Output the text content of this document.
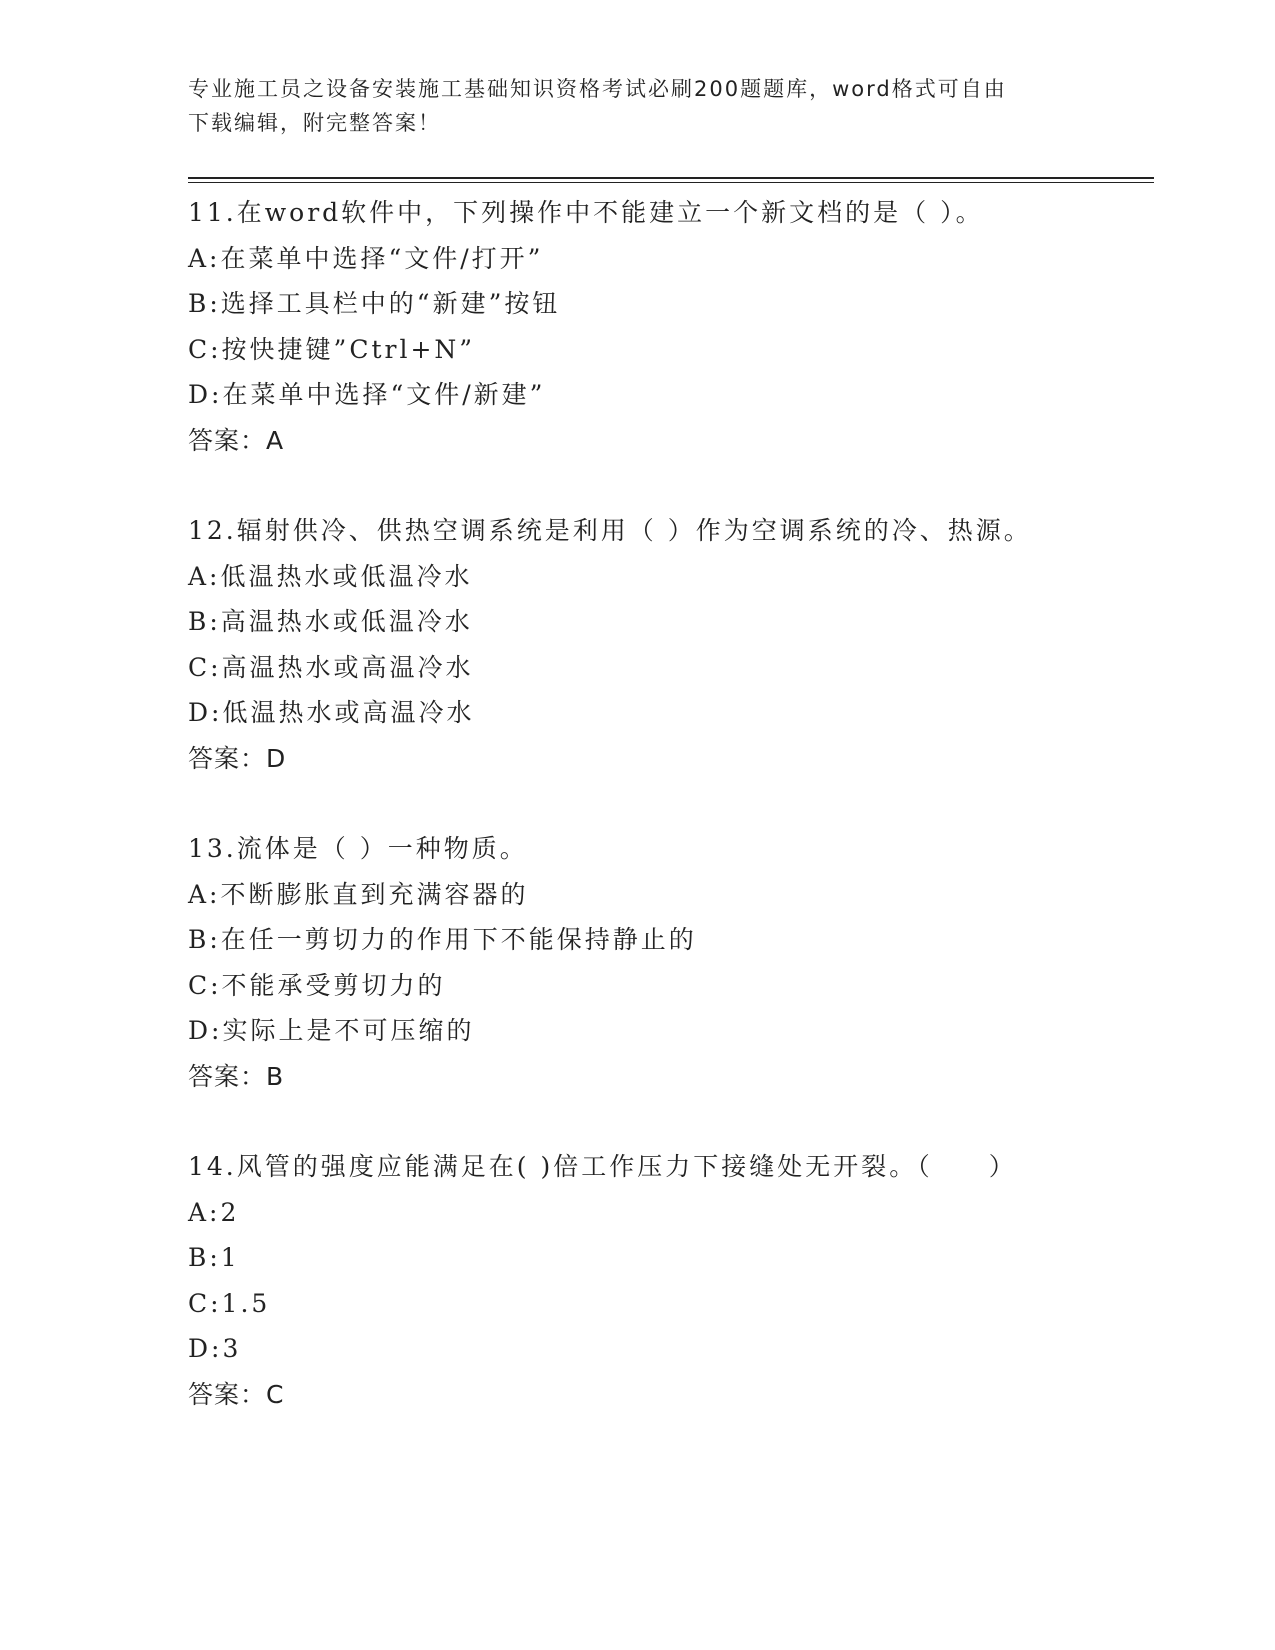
专业施工员之设备安装施工基础知识资格考试必刷200题题库，word格式可自由
下载编辑，附完整答案！
11.在word软件中，下列操作中不能建立一个新文档的是（ ）。
A:在菜单中选择“文件/打开”
B:选择工具栏中的“新建”按钮
C:按快捷键”Ctrl+N”
D:在菜单中选择“文件/新建”
答案：A
12.辐射供冷、供热空调系统是利用（ ）作为空调系统的冷、热源。
A:低温热水或低温冷水
B:高温热水或低温冷水
C:高温热水或高温冷水
D:低温热水或高温冷水
答案：D
13.流体是（ ）一种物质。
A:不断膨胀直到充满容器的
B:在任一剪切力的作用下不能保持静止的
C:不能承受剪切力的
D:实际上是不可压缩的
答案：B
14.风管的强度应能满足在( )倍工作压力下接缝处无开裂。（　　）
A:2
B:1
C:1.5
D:3
答案：C
